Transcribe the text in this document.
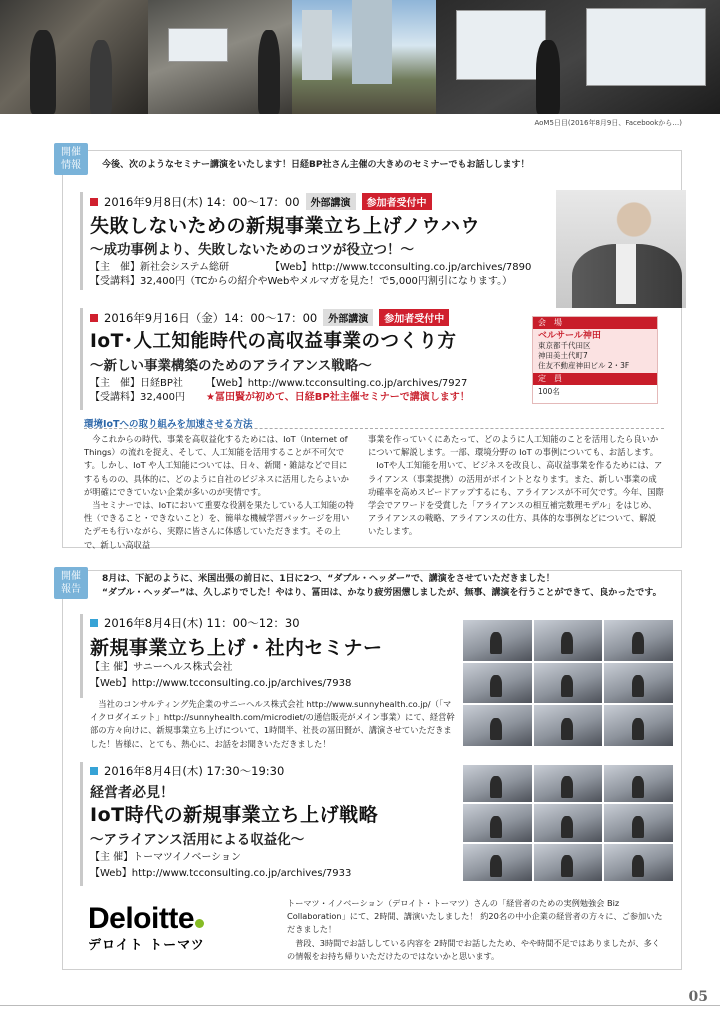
AoM5日目(2016年8月9日、Facebookから…)
開催
情報	今後、次のようなセミナー講演をいたします！日経BP社さん主催の大きめのセミナーでもお話しします！
2016年9月8日(木) 14：00～17：00	外部講演	参加者受付中
失敗しないための新規事業立ち上げノウハウ
～成功事例より、失敗しないためのコツが役立つ！～
【主　催】新社会システム総研	【Web】http://www.tcconsulting.co.jp/archives/7890
【受講料】32,400円（TCからの紹介やWebやメルマガを見た！で5,000円割引になります。）
2016年9月16日（金）14：00～17：00	外部講演	参加者受付中
IoT･人工知能時代の高収益事業のつくり方
～新しい事業構築のためのアライアンス戦略～
【主　催】日経BP社 【Web】http://www.tcconsulting.co.jp/archives/7927
【受講料】32,400円 ★冨田賢が初めて、日経BP社主催セミナーで講演します！
会　場
ベルサール神田
東京都千代田区
神田美土代町7
住友不動産神田ビル 2・3F
定　員
100名
環境IoTへの取り組みを加速させる方法
　今これからの時代、事業を高収益化するためには、IoT（Internet of Things）の流れを捉え、そして、人工知能を活用することが不可欠です。しかし、IoT や人工知能については、日々、新聞・雑誌などで目にするものの、具体的に、どのように自社のビジネスに活用したらよいかが明確にできていない企業が多いのが実情です。
　当セミナーでは、IoTにおいて重要な役割を果たしている人工知能の特性（できること・できないこと）を、簡単な機械学習パッケージを用いたデモも行いながら、実際に皆さんに体感していただきます。その上で、新しい高収益
事業を作っていくにあたって、どのように人工知能のことを活用したら良いかについて解説します。一部、環境分野の IoT の事例についても、お話します。
　IoTや人工知能を用いて、ビジネスを改良し、高収益事業を作るためには、アライアンス（事業提携）の活用がポイントとなります。また、新しい事業の成功確率を高めスピードアップするにも、アライアンスが不可欠です。今年、国際学会でアワードを受賞した「アライアンスの相互補完数理モデル」をはじめ、アライアンスの戦略、アライアンスの仕方、具体的な事例などについて、解説いたします。
開催
報告
8月は、下記のように、米国出張の前日に、1日に2つ、“ダブル・ヘッダー”で、講演をさせていただきました！
“ダブル・ヘッダー”は、久しぶりでした！やはり、冨田は、かなり疲労困憊しましたが、無事、講演を行うことができて、良かったです。
2016年8月4日(木) 11：00～12：30
新規事業立ち上げ・社内セミナー
【主 催】サニーヘルス株式会社
【Web】http://www.tcconsulting.co.jp/archives/7938
　当社のコンサルティング先企業のサニーヘルス株式会社 http://www.sunnyhealth.co.jp/（「マイクロダイエット」http://sunnyhealth.com/microdiet/の通信販売がメイン事業）にて、経営幹部の方々向けに、新規事業立ち上げについて、1時間半、社長の冨田賢が、講演させていただきました！皆様に、とても、熱心に、お話をお聞きいただきました！
2016年8月4日(木) 17:30～19:30
経営者必見！
IoT時代の新規事業立ち上げ戦略
～アライアンス活用による収益化～
【主 催】トーマツイノベーション
【Web】http://www.tcconsulting.co.jp/archives/7933
Deloitte
デロイト トーマツ
トーマツ・イノベーション（デロイト・トーマツ）さんの「経営者のための実例勉強会 Biz Collaboration」にて、2時間、講演いたしました！ 約20名の中小企業の経営者の方々に、ご参加いただきました！
　普段、3時間でお話ししている内容を 2時間でお話したため、やや時間不足ではありましたが、多くの情報をお持ち帰りいただけたのではないかと思います。
05
